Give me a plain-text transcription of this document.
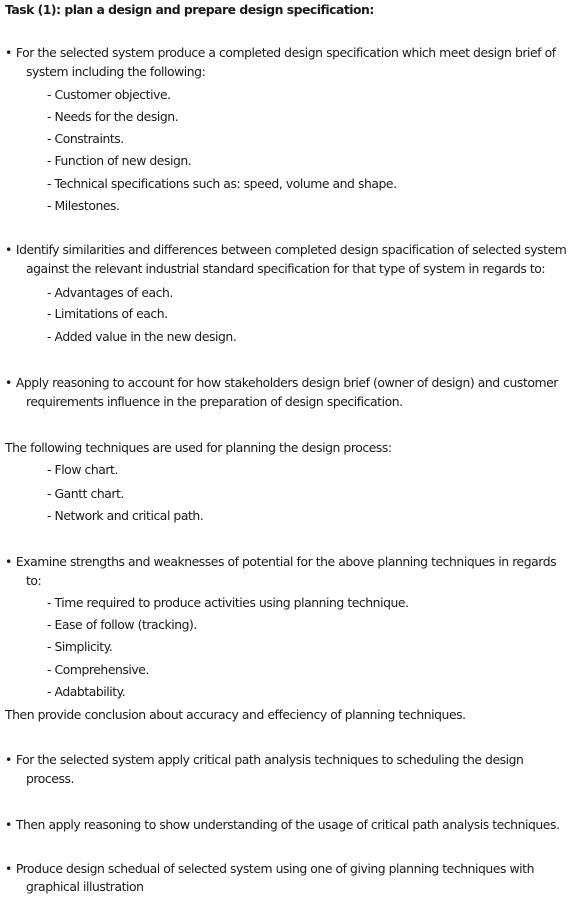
Task (1): plan a design and prepare design specification:
• For the selected system produce a completed design specification which meet design brief of
system including the following:
- Customer objective.
- Needs for the design.
- Constraints.
- Function of new design.
- Technical specifications such as: speed, volume and shape.
- Milestones.
• Identify similarities and differences between completed design spacification of selected system
against the relevant industrial standard specification for that type of system in regards to:
- Advantages of each.
- Limitations of each.
- Added value in the new design.
• Apply reasoning to account for how stakeholders design brief (owner of design) and customer
requirements influence in the preparation of design specification.
The following techniques are used for planning the design process:
- Flow chart.
- Gantt chart.
- Network and critical path.
• Examine strengths and weaknesses of potential for the above planning techniques in regards
to:
- Time required to produce activities using planning technique.
- Ease of follow (tracking).
- Simplicity.
- Comprehensive.
- Adabtability.
Then provide conclusion about accuracy and effeciency of planning techniques.
• For the selected system apply critical path analysis techniques to scheduling the design
process.
• Then apply reasoning to show understanding of the usage of critical path analysis techniques.
• Produce design schedual of selected system using one of giving planning techniques with
graphical illustration
